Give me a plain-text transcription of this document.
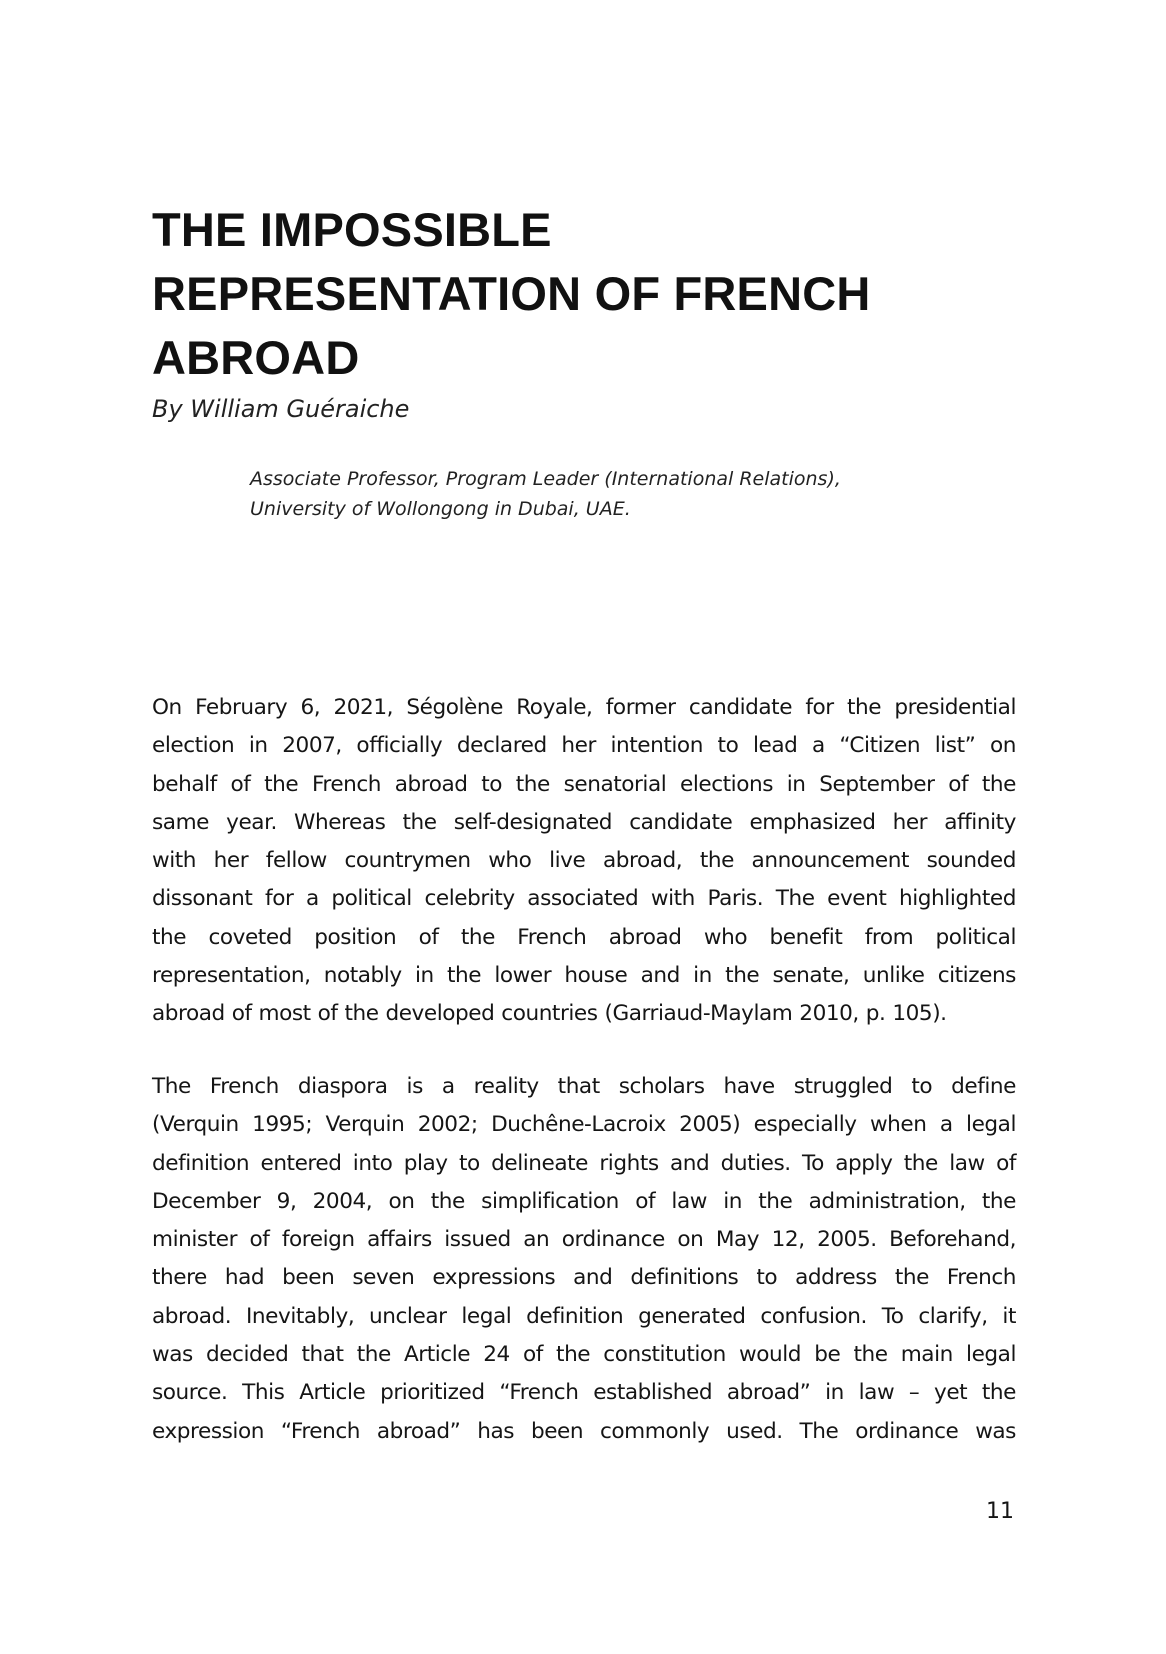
THE IMPOSSIBLE
REPRESENTATION OF FRENCH
ABROAD

By William Guéraiche

Associate Professor, Program Leader (International Relations),
University of Wollongong in Dubai, UAE.

On February 6, 2021, Ségolène Royale, former candidate for the presidential
election in 2007, officially declared her intention to lead a “Citizen list” on
behalf of the French abroad to the senatorial elections in September of the
same year. Whereas the self-designated candidate emphasized her affinity
with her fellow countrymen who live abroad, the announcement sounded
dissonant for a political celebrity associated with Paris. The event highlighted
the coveted position of the French abroad who benefit from political
representation, notably in the lower house and in the senate, unlike citizens
abroad of most of the developed countries (Garriaud-Maylam 2010, p. 105).

The French diaspora is a reality that scholars have struggled to define
(Verquin 1995; Verquin 2002; Duchêne-Lacroix 2005) especially when a legal
definition entered into play to delineate rights and duties. To apply the law of
December 9, 2004, on the simplification of law in the administration, the
minister of foreign affairs issued an ordinance on May 12, 2005. Beforehand,
there had been seven expressions and definitions to address the French
abroad. Inevitably, unclear legal definition generated confusion. To clarify, it
was decided that the Article 24 of the constitution would be the main legal
source. This Article prioritized “French established abroad” in law – yet the
expression “French abroad” has been commonly used. The ordinance was

11
